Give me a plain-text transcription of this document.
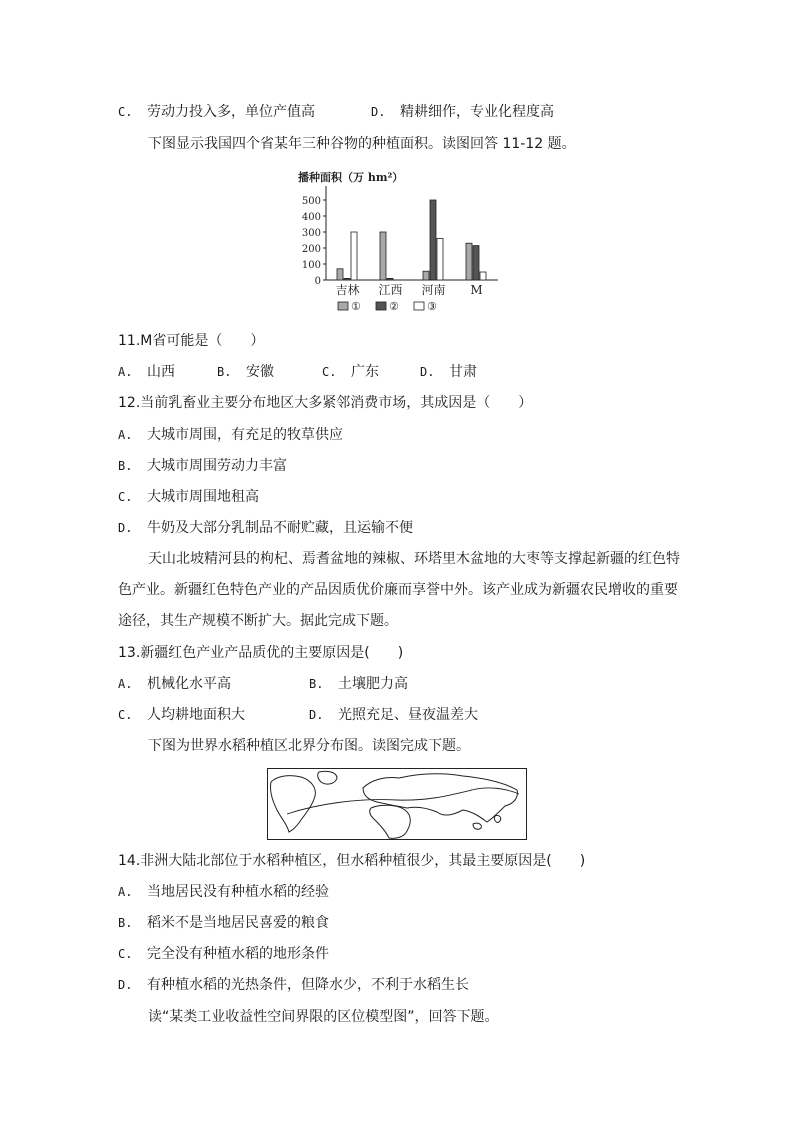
C. 劳动力投入多，单位产值高	D. 精耕细作，专业化程度高
下图显示我国四个省某年三种谷物的种植面积。读图回答 11-12 题。
播种面积（万 hm²）
0
100
200
300
400
500
吉林 江西 河南 M
①	②	③
11.M省可能是（　　）
A. 山西	B. 安徽	C. 广东	D. 甘肃
12.当前乳畜业主要分布地区大多紧邻消费市场，其成因是（　　）
A. 大城市周围，有充足的牧草供应
B. 大城市周围劳动力丰富
C. 大城市周围地租高
D. 牛奶及大部分乳制品不耐贮藏，且运输不便
天山北坡精河县的枸杞、焉耆盆地的辣椒、环塔里木盆地的大枣等支撑起新疆的红色特
色产业。新疆红色特色产业的产品因质优价廉而享誉中外。该产业成为新疆农民增收的重要
途径，其生产规模不断扩大。据此完成下题。
13.新疆红色产业产品质优的主要原因是(　　)
A. 机械化水平高	B. 土壤肥力高
C. 人均耕地面积大	D. 光照充足、昼夜温差大
下图为世界水稻种植区北界分布图。读图完成下题。
14.非洲大陆北部位于水稻种植区，但水稻种植很少，其最主要原因是(　　)
A. 当地居民没有种植水稻的经验
B. 稻米不是当地居民喜爱的粮食
C. 完全没有种植水稻的地形条件
D. 有种植水稻的光热条件，但降水少，不利于水稻生长
读“某类工业收益性空间界限的区位模型图”，回答下题。
